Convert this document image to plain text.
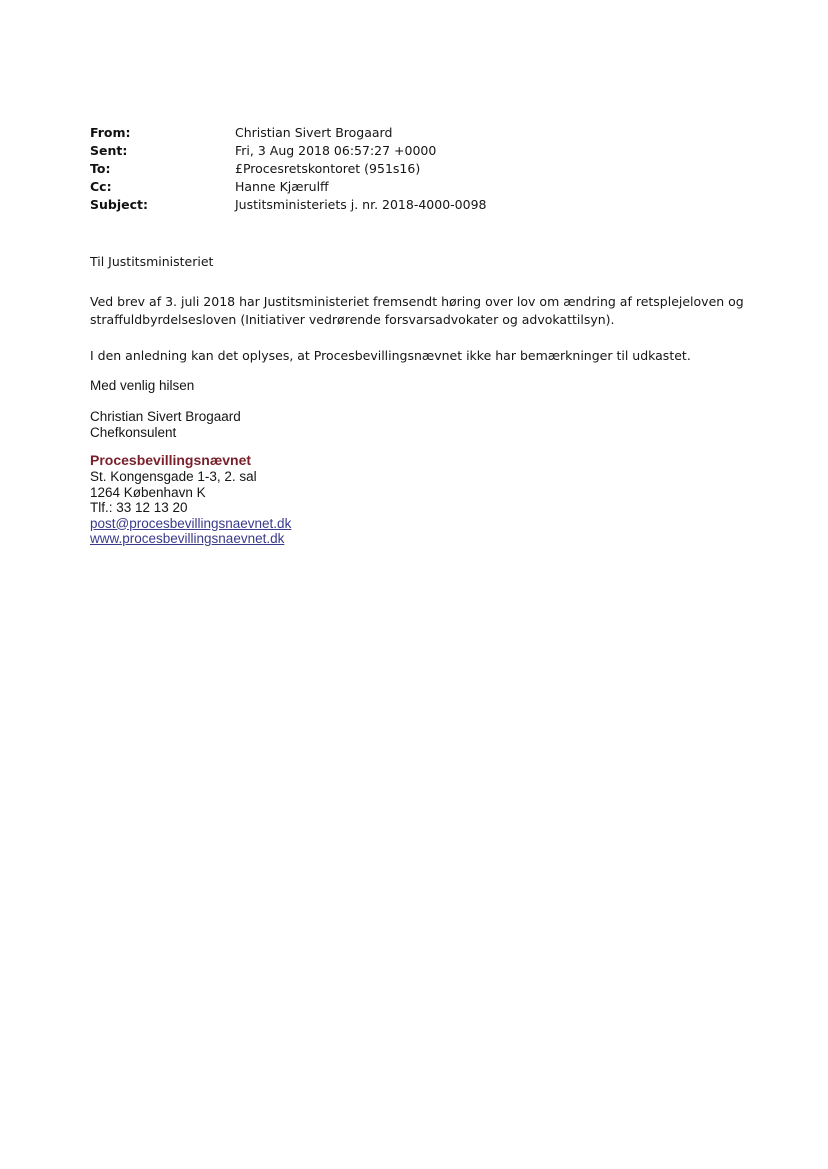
From:	Christian Sivert Brogaard
Sent:	Fri, 3 Aug 2018 06:57:27 +0000
To:	£Procesretskontoret (951s16)
Cc:	Hanne Kjærulff
Subject:	Justitsministeriets j. nr. 2018-4000-0098
Til Justitsministeriet
Ved brev af 3. juli 2018 har Justitsministeriet fremsendt høring over lov om ændring af retsplejeloven og straffuldbyrdelsesloven (Initiativer vedrørende forsvarsadvokater og advokattilsyn).
I den anledning kan det oplyses, at Procesbevillingsnævnet ikke har bemærkninger til udkastet.
Med venlig hilsen
Christian Sivert Brogaard
Chefkonsulent
Procesbevillingsnævnet
St. Kongensgade 1-3, 2. sal
1264 København K
Tlf.: 33 12 13 20
post@procesbevillingsnaevnet.dk
www.procesbevillingsnaevnet.dk
